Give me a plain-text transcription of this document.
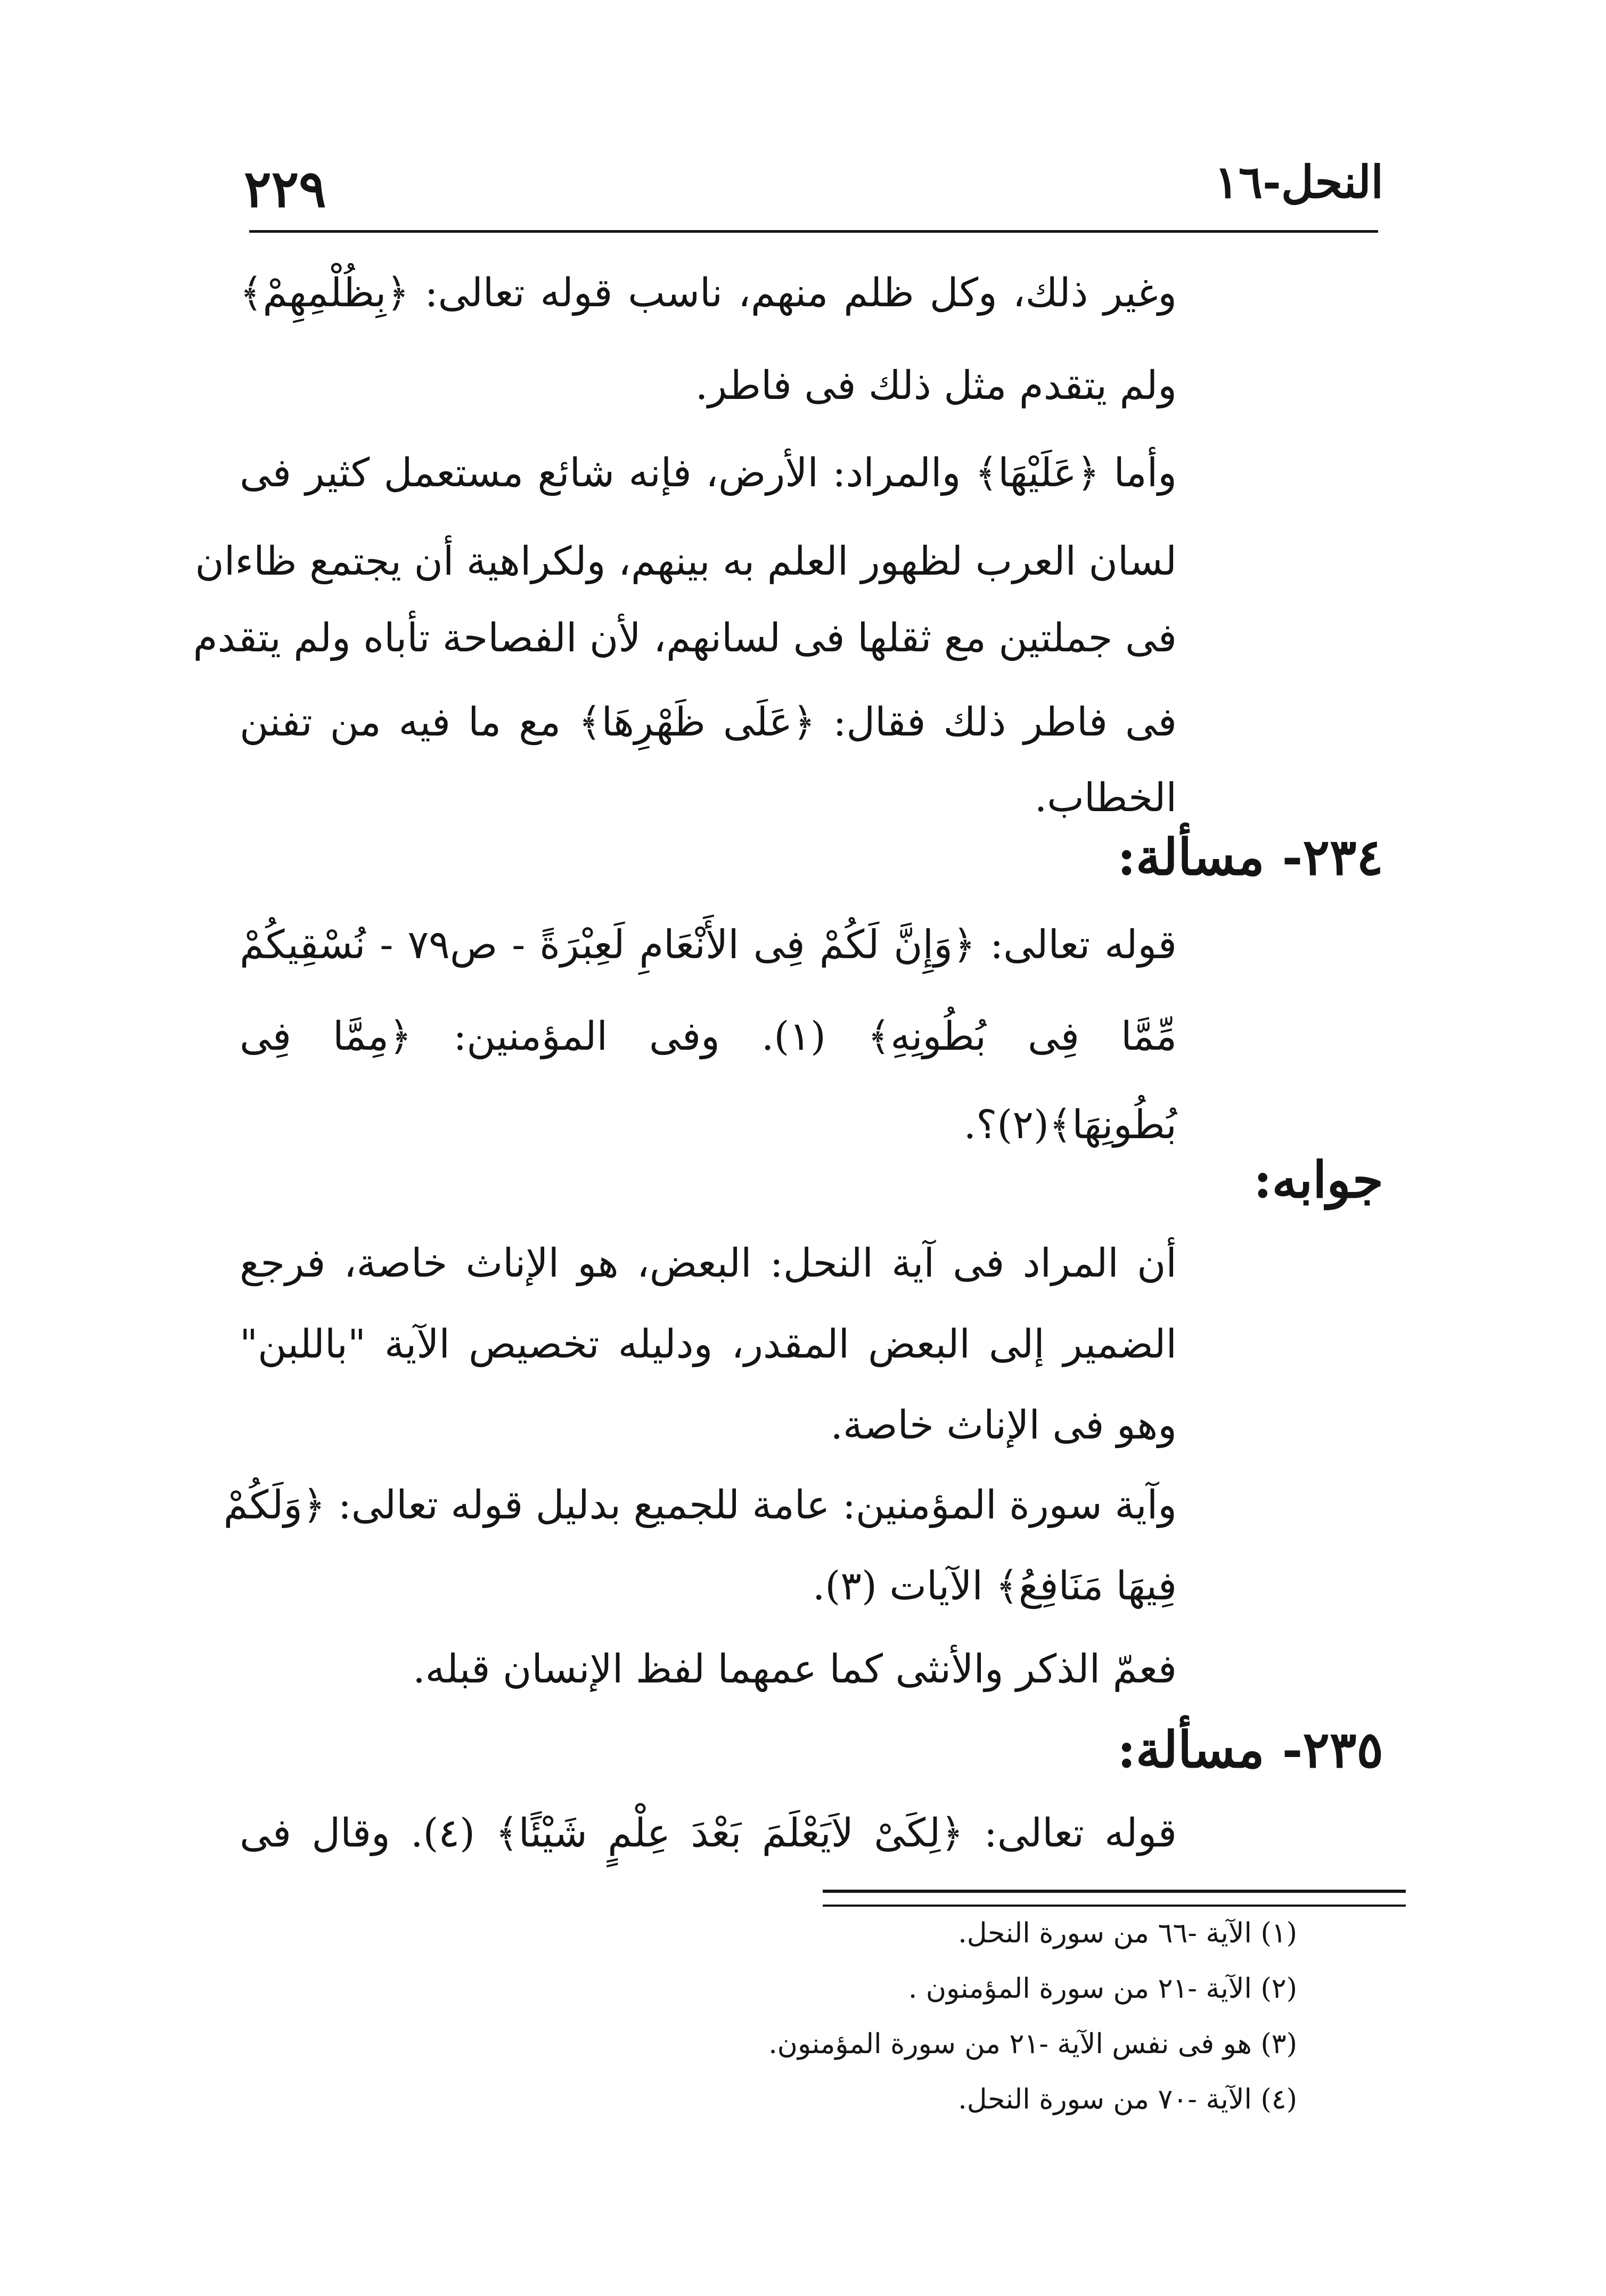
٢٢٩	النحل-١٦
وغير ذلك، وكل ظلم منهم، ناسب قوله تعالى: ﴿بِظُلْمِهِمْ﴾
ولم يتقدم مثل ذلك فى فاطر.
وأما ﴿عَلَيْهَا﴾ والمراد: الأرض، فإنه شائع مستعمل كثير فى
لسان العرب لظهور العلم به بينهم، ولكراهية أن يجتمع ظاءان
فى جملتين مع ثقلها فى لسانهم، لأن الفصاحة تأباه ولم يتقدم
فى فاطر ذلك فقال: ﴿عَلَى ظَهْرِهَا﴾ مع ما فيه من تفنن
الخطاب.
قوله تعالى: ﴿وَإِنَّ لَكُمْ فِى الأَنْعَامِ لَعِبْرَةً - ص٧٩ - نُسْقِيكُمْ
مِّمَّا فِى بُطُونِهِ﴾ (١). وفى المؤمنين: ﴿مِمَّا فِى
بُطُونِهَا﴾(٢)؟.
أن المراد فى آية النحل: البعض، هو الإناث خاصة، فرجع
الضمير إلى البعض المقدر، ودليله تخصيص الآية "باللبن"
وهو فى الإناث خاصة.
وآية سورة المؤمنين: عامة للجميع بدليل قوله تعالى: ﴿وَلَكُمْ
فِيهَا مَنَافِعُ﴾ الآيات (٣).
فعمّ الذكر والأنثى كما عمهما لفظ الإنسان قبله.
قوله تعالى: ﴿لِكَىْ لاَيَعْلَمَ بَعْدَ عِلْمٍ شَيْئًا﴾ (٤). وقال فى
٢٣٤- مسألة:
جوابه:
٢٣٥- مسألة:
(١) الآية -٦٦ من سورة النحل.
(٢) الآية -٢١ من سورة المؤمنون .
(٣) هو فى نفس الآية -٢١ من سورة المؤمنون.
(٤) الآية -٧٠ من سورة النحل.
